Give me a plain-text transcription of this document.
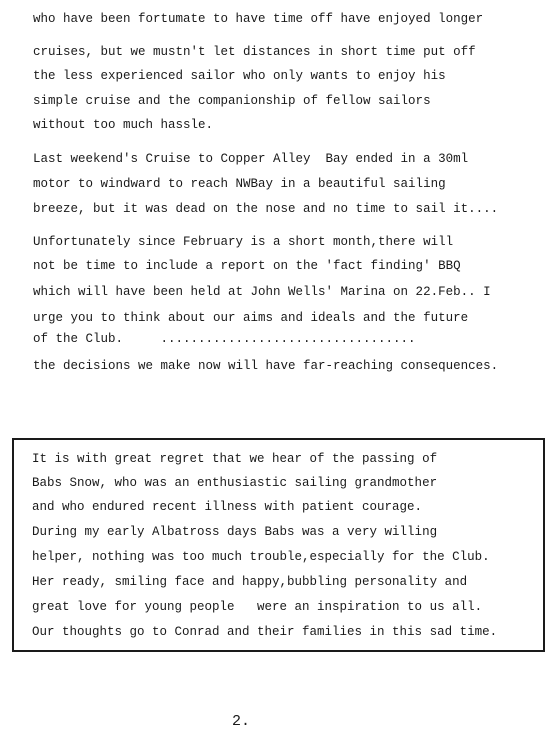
who have been fortumate to have time off have enjoyed longer
cruises, but we mustn't let distances in short time put off
the less experienced sailor who only wants to enjoy his
simple cruise and the companionship of fellow sailors
without too much hassle.
Last weekend's Cruise to Copper Alley  Bay ended in a 30ml
motor to windward to reach NWBay in a beautiful sailing
breeze, but it was dead on the nose and no time to sail it....
Unfortunately since February is a short month,there will
not be time to include a report on the 'fact finding' BBQ
which will have been held at John Wells' Marina on 22.Feb.. I
urge you to think about our aims and ideals and the future
of the Club.     ..................................
the decisions we make now will have far-reaching consequences.
It is with great regret that we hear of the passing of
Babs Snow, who was an enthusiastic sailing grandmother
and who endured recent illness with patient courage.
During my early Albatross days Babs was a very willing
helper, nothing was too much trouble,especially for the Club.
Her ready, smiling face and happy,bubbling personality and
great love for young people   were an inspiration to us all.
Our thoughts go to Conrad and their families in this sad time.
2.
